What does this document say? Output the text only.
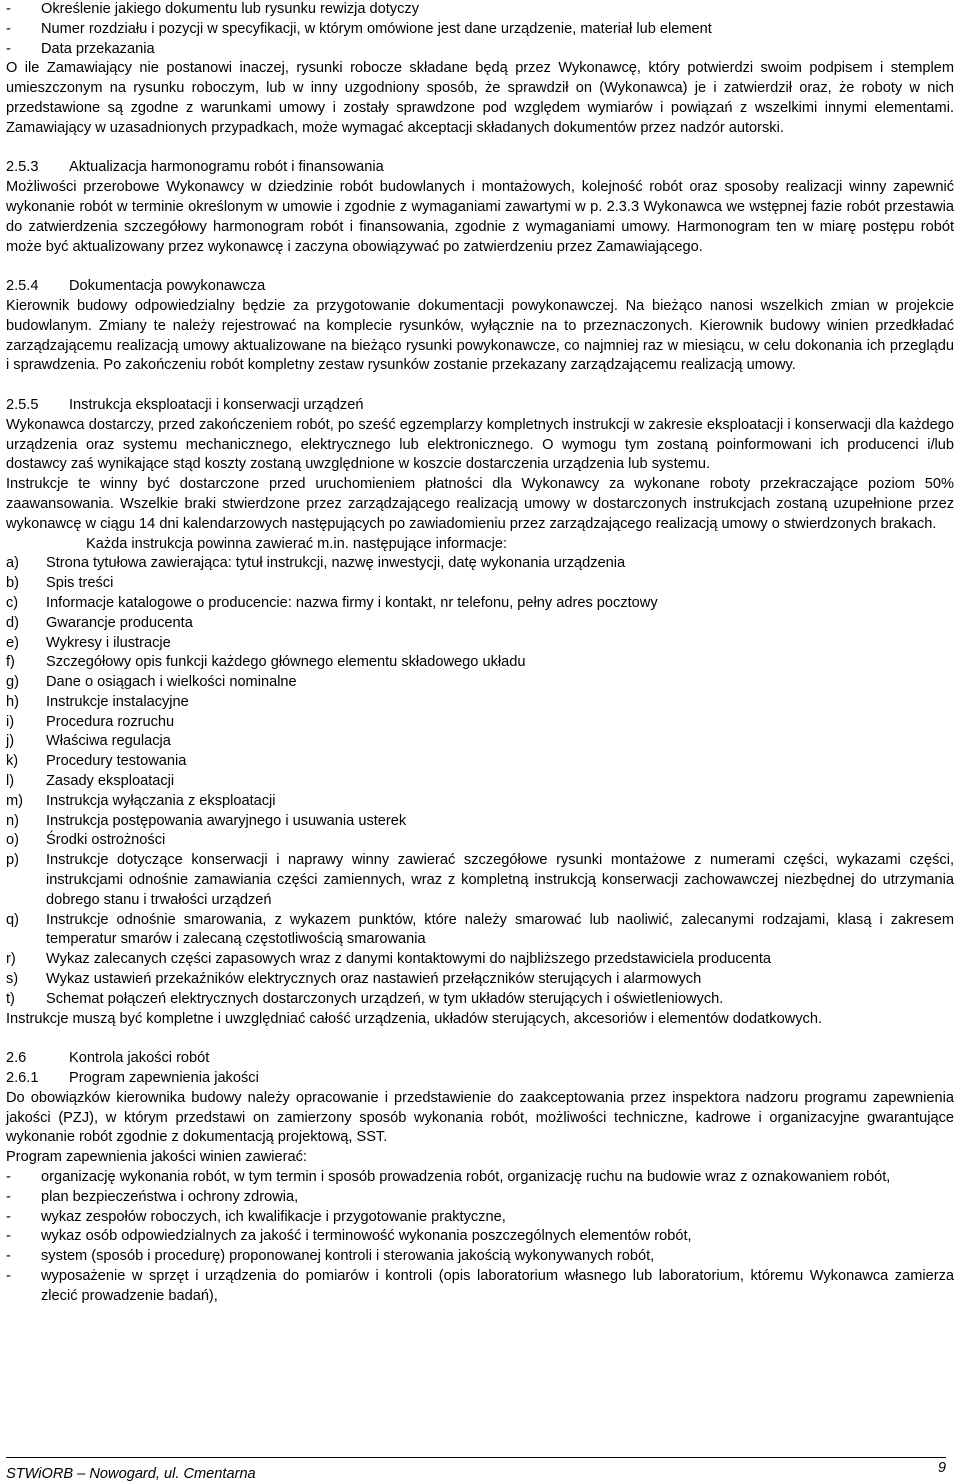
-	Określenie jakiego dokumentu lub rysunku rewizja dotyczy
-	Numer rozdziału i pozycji w specyfikacji, w którym omówione jest dane urządzenie, materiał lub element
-	Data przekazania

O ile Zamawiający nie postanowi inaczej, rysunki robocze składane będą przez Wykonawcę, który potwierdzi swoim podpisem i stemplem umieszczonym na rysunku roboczym, lub w inny uzgodniony sposób, że sprawdził on (Wykonawca) je i zatwierdził oraz, że roboty w nich przedstawione są zgodne z warunkami umowy i zostały sprawdzone pod względem wymiarów i powiązań z wszelkimi innymi elementami. Zamawiający w uzasadnionych przypadkach, może wymagać akceptacji składanych dokumentów przez nadzór autorski.

2.5.3	Aktualizacja harmonogramu robót i finansowania

Możliwości przerobowe Wykonawcy w dziedzinie robót budowlanych i montażowych, kolejność robót oraz sposoby realizacji winny zapewnić wykonanie robót w terminie określonym w umowie i zgodnie z wymaganiami zawartymi w p. 2.3.3 Wykonawca we wstępnej fazie robót przestawia do zatwierdzenia szczegółowy harmonogram robót i finansowania, zgodnie z wymaganiami umowy. Harmonogram ten w miarę postępu robót może być aktualizowany przez wykonawcę i zaczyna obowiązywać po zatwierdzeniu przez Zamawiającego.

2.5.4	Dokumentacja powykonawcza

Kierownik budowy odpowiedzialny będzie za przygotowanie dokumentacji powykonawczej. Na bieżąco nanosi wszelkich zmian w projekcie budowlanym. Zmiany te należy rejestrować na komplecie rysunków, wyłącznie na to przeznaczonych. Kierownik budowy winien przedkładać zarządzającemu realizacją umowy aktualizowane na bieżąco rysunki powykonawcze, co najmniej raz w miesiącu, w celu dokonania ich przeglądu i sprawdzenia. Po zakończeniu robót kompletny zestaw rysunków zostanie przekazany zarządzającemu realizacją umowy.

2.5.5	Instrukcja eksploatacji i konserwacji urządzeń

Wykonawca dostarczy, przed zakończeniem robót, po sześć egzemplarzy kompletnych instrukcji w zakresie eksploatacji i konserwacji dla każdego urządzenia oraz systemu mechanicznego, elektrycznego lub elektronicznego. O wymogu tym zostaną poinformowani ich producenci i/lub dostawcy zaś wynikające stąd koszty zostaną uwzględnione w koszcie dostarczenia urządzenia lub systemu.

Instrukcje te winny być dostarczone przed uruchomieniem płatności dla Wykonawcy za wykonane roboty przekraczające poziom 50% zaawansowania. Wszelkie braki stwierdzone przez zarządzającego realizacją umowy w dostarczonych instrukcjach zostaną uzupełnione przez wykonawcę w ciągu 14 dni kalendarzowych następujących po zawiadomieniu przez zarządzającego realizacją umowy o stwierdzonych brakach.

Każda instrukcja powinna zawierać m.in. następujące informacje:
a)	Strona tytułowa zawierająca: tytuł instrukcji, nazwę inwestycji, datę wykonania urządzenia
b)	Spis treści
c)	Informacje katalogowe o producencie: nazwa firmy i kontakt, nr telefonu, pełny adres pocztowy
d)	Gwarancje producenta
e)	Wykresy i ilustracje
f)	Szczegółowy opis funkcji każdego głównego elementu składowego układu
g)	Dane o osiągach i wielkości nominalne
h)	Instrukcje instalacyjne
i)	Procedura rozruchu
j)	Właściwa regulacja
k)	Procedury testowania
l)	Zasady eksploatacji
m)	Instrukcja wyłączania z eksploatacji
n)	Instrukcja postępowania awaryjnego i usuwania usterek
o)	Środki ostrożności
p)	Instrukcje dotyczące konserwacji i naprawy winny zawierać szczegółowe rysunki montażowe z numerami części, wykazami części, instrukcjami odnośnie zamawiania części zamiennych, wraz z kompletną instrukcją konserwacji zachowawczej niezbędnej do utrzymania dobrego stanu i trwałości urządzeń
q)	Instrukcje odnośnie smarowania, z wykazem punktów, które należy smarować lub naoliwić, zalecanymi rodzajami, klasą i zakresem temperatur smarów i zalecaną częstotliwością smarowania
r)	Wykaz zalecanych części zapasowych wraz z danymi kontaktowymi do najbliższego przedstawiciela producenta
s)	Wykaz ustawień przekaźników elektrycznych oraz nastawień przełączników sterujących i alarmowych
t)	Schemat połączeń elektrycznych dostarczonych urządzeń, w tym układów sterujących i oświetleniowych.

Instrukcje muszą być kompletne i uwzględniać całość urządzenia, układów sterujących, akcesoriów i elementów dodatkowych.

2.6	Kontrola jakości robót
2.6.1	Program zapewnienia jakości

Do obowiązków kierownika budowy należy opracowanie i przedstawienie do zaakceptowania przez inspektora nadzoru programu zapewnienia jakości (PZJ), w którym przedstawi on zamierzony sposób wykonania robót, możliwości techniczne, kadrowe i organizacyjne gwarantujące wykonanie robót zgodnie z dokumentacją projektową, SST.

Program zapewnienia jakości winien zawierać:
-	organizację wykonania robót, w tym termin i sposób prowadzenia robót, organizację ruchu na budowie wraz z oznakowaniem robót,
-	plan bezpieczeństwa i ochrony zdrowia,
-	wykaz zespołów roboczych, ich kwalifikacje i przygotowanie praktyczne,
-	wykaz osób odpowiedzialnych za jakość i terminowość wykonania poszczególnych elementów robót,
-	system (sposób i procedurę) proponowanej kontroli i sterowania jakością wykonywanych robót,
-	wyposażenie w sprzęt i urządzenia do pomiarów i kontroli (opis laboratorium własnego lub laboratorium, któremu Wykonawca zamierza zlecić prowadzenie badań),
STWiORB – Nowogard, ul. Cmentarna	9
